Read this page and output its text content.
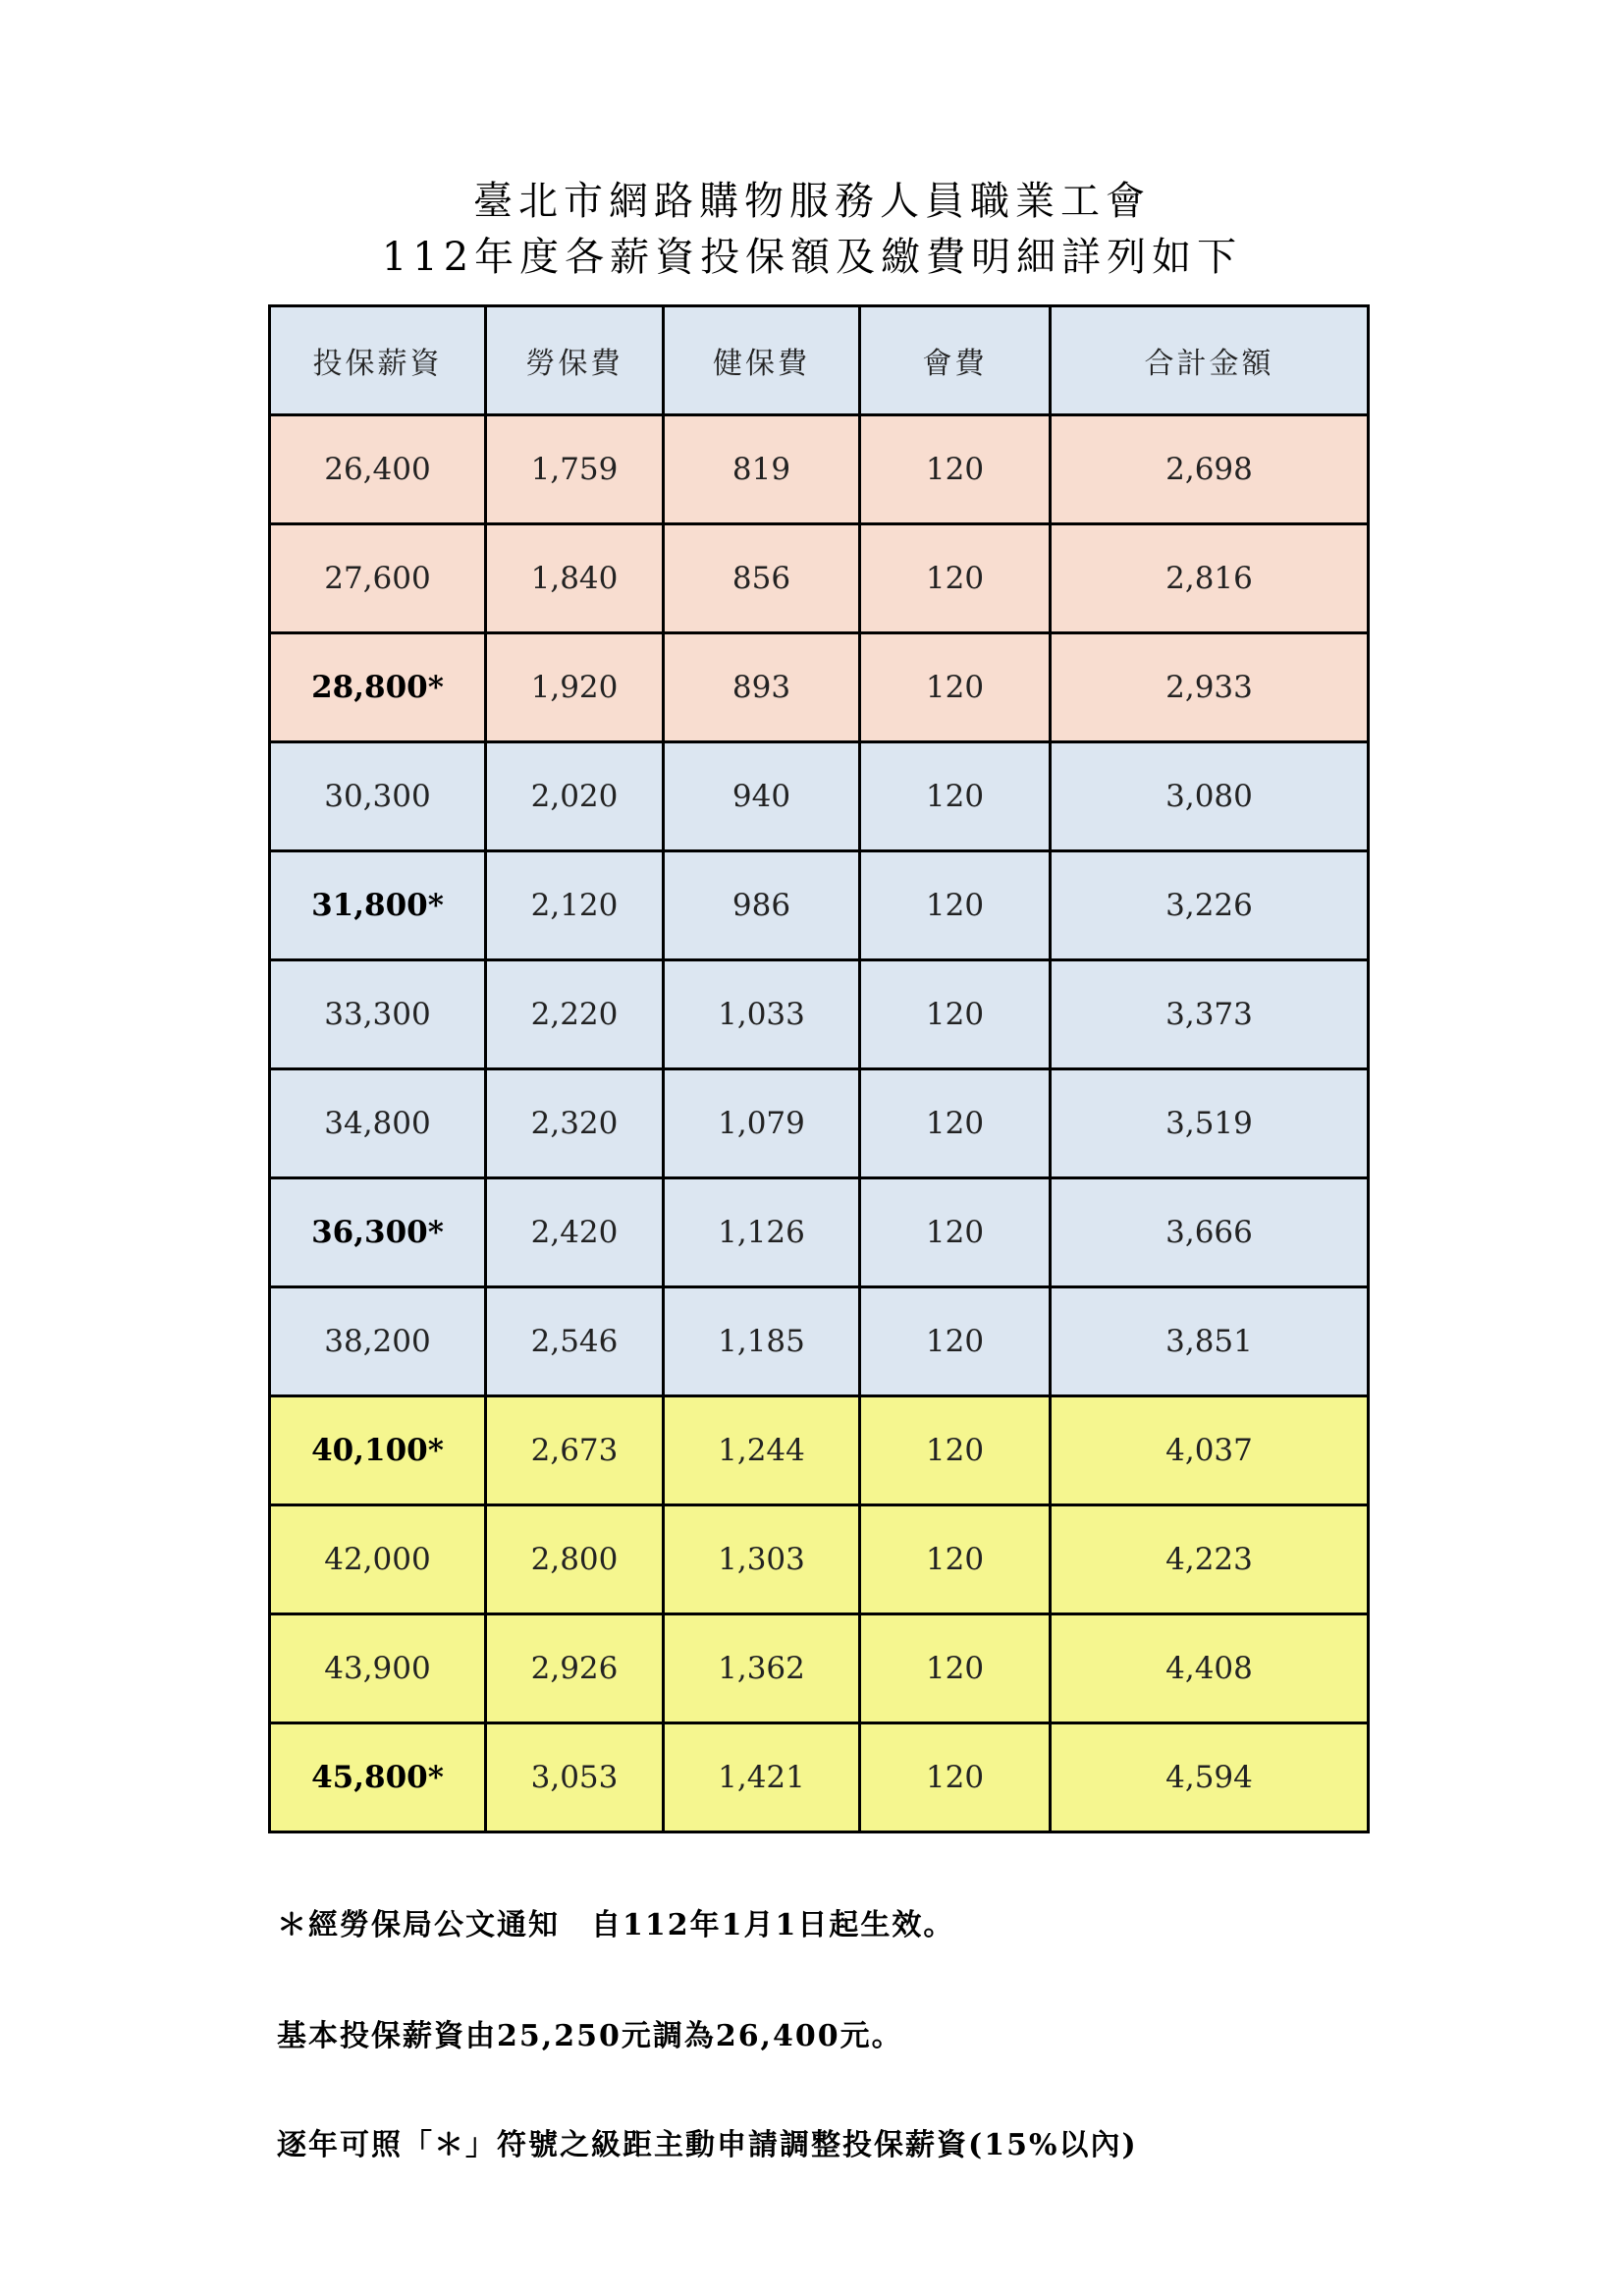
臺北市網路購物服務人員職業工會
112年度各薪資投保額及繳費明細詳列如下
投保薪資	勞保費	健保費	會費	合計金額
26,400	1,759	819	120	2,698
27,600	1,840	856	120	2,816
28,800*	1,920	893	120	2,933
30,300	2,020	940	120	3,080
31,800*	2,120	986	120	3,226
33,300	2,220	1,033	120	3,373
34,800	2,320	1,079	120	3,519
36,300*	2,420	1,126	120	3,666
38,200	2,546	1,185	120	3,851
40,100*	2,673	1,244	120	4,037
42,000	2,800	1,303	120	4,223
43,900	2,926	1,362	120	4,408
45,800*	3,053	1,421	120	4,594
＊經勞保局公文通知　自112年1月1日起生效。
基本投保薪資由25,250元調為26,400元。
逐年可照「＊」符號之級距主動申請調整投保薪資(15%以內)
